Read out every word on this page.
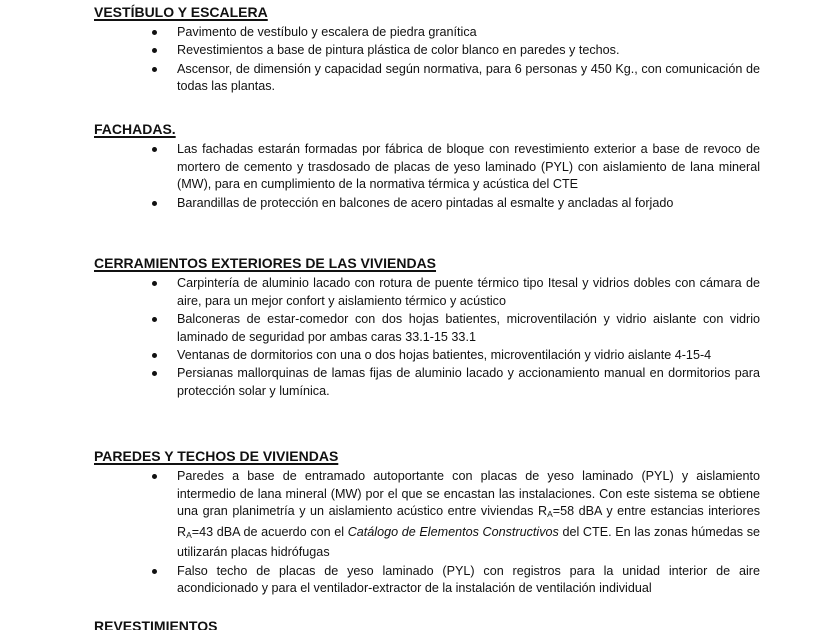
VESTÍBULO Y ESCALERA
Pavimento de vestíbulo y escalera de piedra granítica
Revestimientos a base de pintura plástica de color blanco en paredes y techos.
Ascensor, de dimensión y capacidad según normativa, para 6 personas y 450 Kg., con comunicación de todas las plantas.
FACHADAS.
Las fachadas estarán formadas por fábrica de bloque con revestimiento exterior a base de revoco de mortero de cemento y trasdosado de placas de yeso laminado (PYL) con aislamiento de lana mineral (MW), para en cumplimiento de la normativa térmica y acústica del CTE
Barandillas de protección en balcones de acero pintadas al esmalte y ancladas al forjado
CERRAMIENTOS EXTERIORES DE LAS VIVIENDAS
Carpintería de aluminio lacado con rotura de puente térmico tipo Itesal y vidrios dobles con cámara de aire, para un mejor confort y aislamiento térmico y acústico
Balconeras de estar-comedor con dos hojas batientes, microventilación y vidrio aislante con vidrio laminado de seguridad por ambas caras 33.1-15 33.1
Ventanas de dormitorios con una o dos hojas batientes, microventilación y vidrio aislante 4-15-4
Persianas mallorquinas de lamas fijas de aluminio lacado y accionamiento manual en dormitorios para protección solar y lumínica.
PAREDES Y TECHOS DE VIVIENDAS
Paredes a base de entramado autoportante con placas de yeso laminado (PYL) y aislamiento intermedio de lana mineral (MW) por el que se encastan las instalaciones. Con este sistema se obtiene una gran planimetría y un aislamiento acústico entre viviendas $R_A=58$ dBA y entre estancias interiores $R_A=43$ dBA de acuerdo con el Catálogo de Elementos Constructivos del CTE. En las zonas húmedas se utilizarán placas hidrófugas
Falso techo de placas de yeso laminado (PYL) con registros para la unidad interior de aire acondicionado y para el ventilador-extractor de la instalación de ventilación individual
REVESTIMIENTOS
